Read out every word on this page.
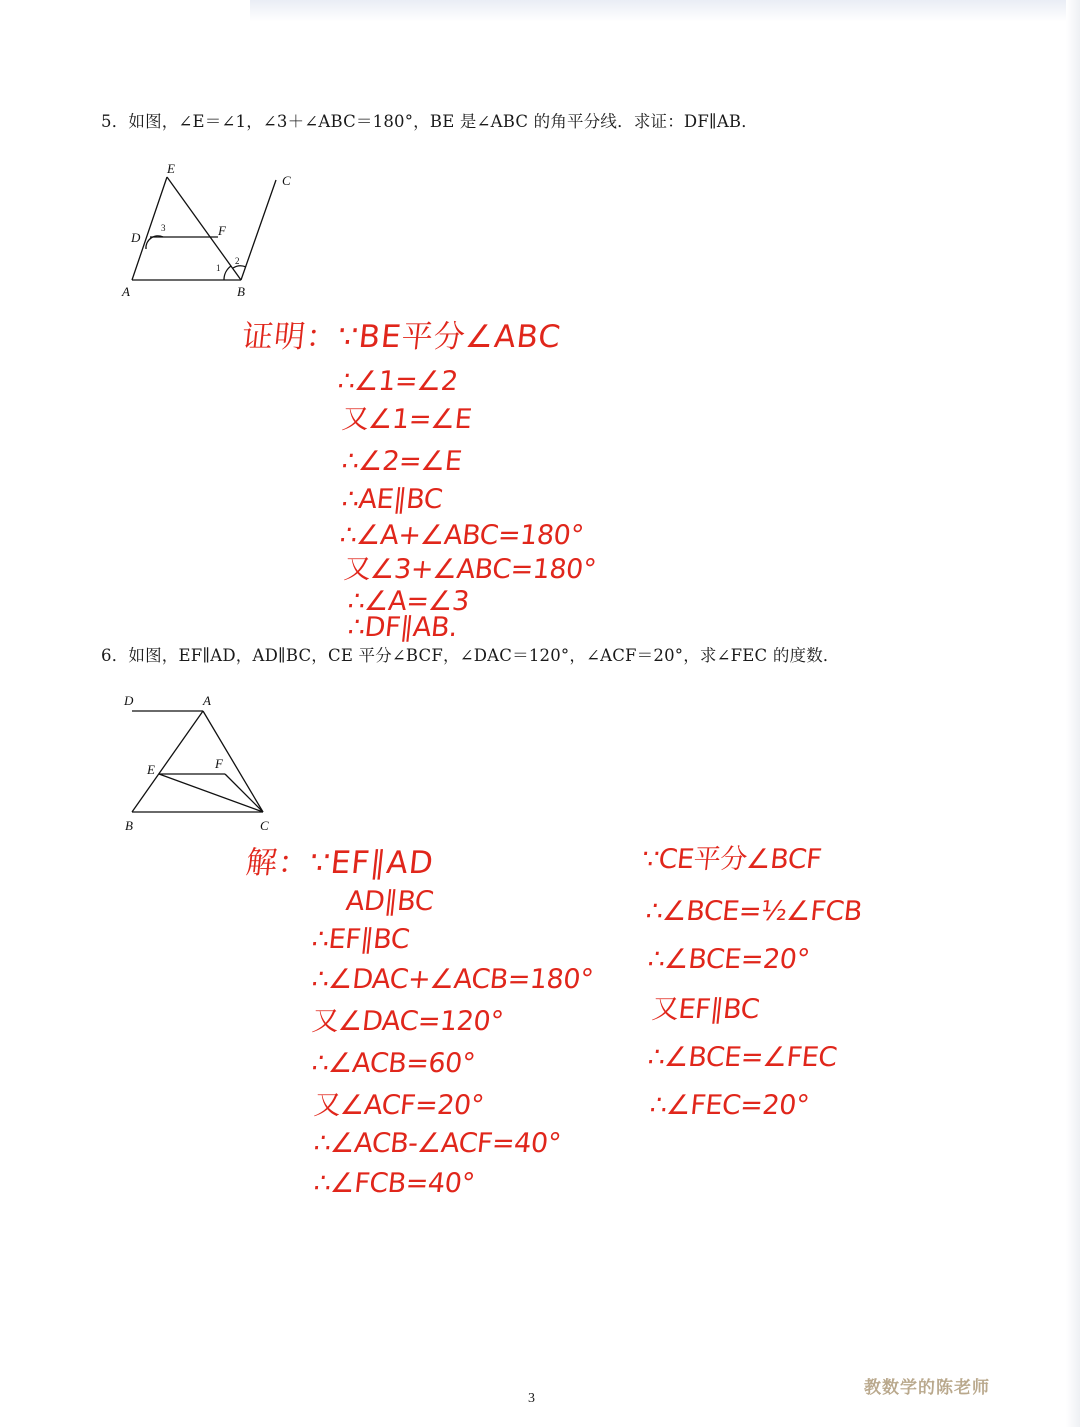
5．如图，∠E＝∠1，∠3＋∠ABC＝180°，BE 是∠ABC 的角平分线．求证：DF∥AB．
E
C
D	F
A	B
3
1
2
证明：∵BE平分∠ABC
∴∠1=∠2
又∠1=∠E
∴∠2=∠E
∴AE∥BC
∴∠A+∠ABC=180°
又∠3+∠ABC=180°
∴∠A=∠3
∴DF∥AB.
6．如图，EF∥AD，AD∥BC，CE 平分∠BCF，∠DAC＝120°，∠ACF＝20°，求∠FEC 的度数．
D	A
E	F
B	C
解：∵EF∥AD
AD∥BC
∴EF∥BC
∴∠DAC+∠ACB=180°
又∠DAC=120°
∴∠ACB=60°
又∠ACF=20°
∴∠ACB-∠ACF=40°
∴∠FCB=40°
∵CE平分∠BCF
∴∠BCE=½∠FCB
∴∠BCE=20°
又EF∥BC
∴∠BCE=∠FEC
∴∠FEC=20°
3
教数学的陈老师
